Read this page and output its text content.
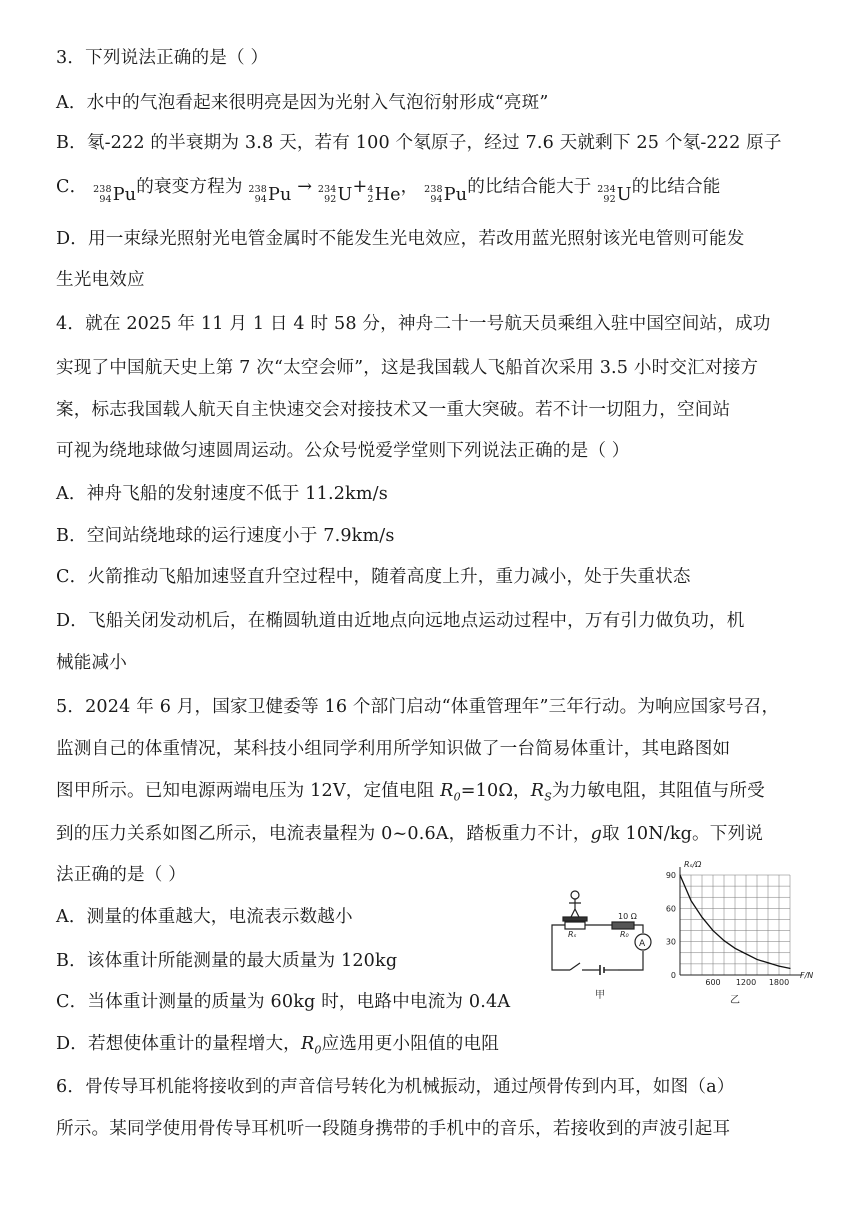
3．下列说法正确的是（ ）
A．水中的气泡看起来很明亮是因为光射入气泡衍射形成“亮斑”
B．氡-222 的半衰期为 3.8 天，若有 100 个氡原子，经过 7.6 天就剩下 25 个氡-222 原子
C． 238
94 Pu 的衰变方程为 238
94 Pu → 234
92 U + 4
2 He ， 238
94 Pu 的比结合能大于 234
92 U 的比结合能
D．用一束绿光照射光电管金属时不能发生光电效应，若改用蓝光照射该光电管则可能发
生光电效应
4．就在 2025 年 11 月 1 日 4 时 58 分，神舟二十一号航天员乘组入驻中国空间站，成功
实现了中国航天史上第 7 次“太空会师”，这是我国载人飞船首次采用 3.5 小时交汇对接方
案，标志我国载人航天自主快速交会对接技术又一重大突破。若不计一切阻力，空间站
可视为绕地球做匀速圆周运动。公众号悦爱学堂则下列说法正确的是（ ）
A．神舟飞船的发射速度不低于 11.2km/s
B．空间站绕地球的运行速度小于 7.9km/s
C．火箭推动飞船加速竖直升空过程中，随着高度上升，重力减小，处于失重状态
D．飞船关闭发动机后，在椭圆轨道由近地点向远地点运动过程中，万有引力做负功，机
械能减小
5．2024 年 6 月，国家卫健委等 16 个部门启动“体重管理年”三年行动。为响应国家号召，
监测自己的体重情况，某科技小组同学利用所学知识做了一台简易体重计，其电路图如
图甲所示。已知电源两端电压为 12V，定值电阻 $R_0=10\Omega$，$R_S$为力敏电阻，其阻值与所受
到的压力关系如图乙所示，电流表量程为 0~0.6A，踏板重力不计，g取 10N/kg。下列说
法正确的是（ ）
A．测量的体重越大，电流表示数越小
B．该体重计所能测量的最大质量为 120kg
C．当体重计测量的质量为 60kg 时，电路中电流为 0.4A
D．若想使体重计的量程增大，$R_0$应选用更小阻值的电阻
6．骨传导耳机能将接收到的声音信号转化为机械振动，通过颅骨传到内耳，如图（a）
所示。某同学使用骨传导耳机听一段随身携带的手机中的音乐，若接收到的声波引起耳
A
Rₛ
10 Ω
R₀
甲
90
60
30
0
600 1200 1800
Rₛ/Ω
F/N
乙
